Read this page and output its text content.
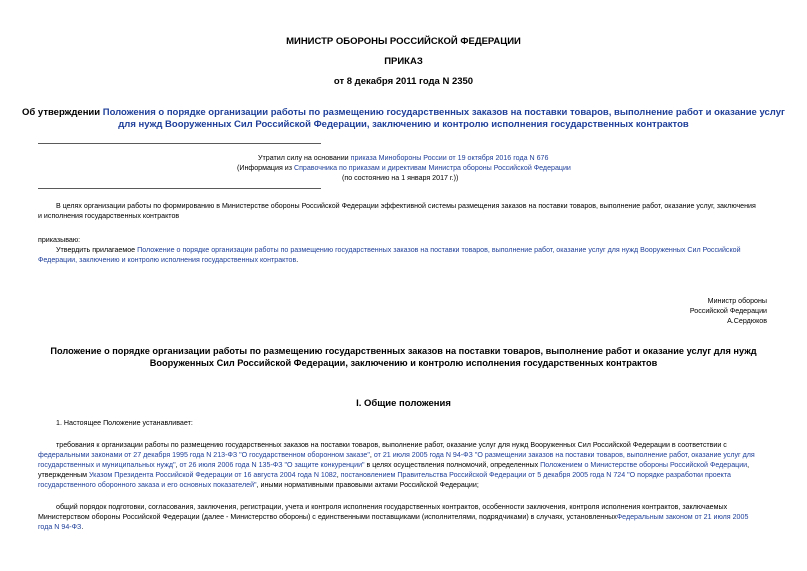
МИНИСТР ОБОРОНЫ РОССИЙСКОЙ ФЕДЕРАЦИИ
ПРИКАЗ
от 8 декабря 2011 года N 2350
Об утверждении Положения о порядке организации работы по размещению государственных заказов на поставки товаров, выполнение работ и оказание услуг
для нужд Вооруженных Сил Российской Федерации, заключению и контролю исполнения государственных контрактов
Утратил силу на основании приказа Минобороны России от 19 октября 2016 года N 676
(Информация из Справочника по приказам и директивам Министра обороны Российской Федерации
(по состоянию на 1 января 2017 г.))
В целях организации работы по формированию в Министерстве обороны Российской Федерации эффективной системы размещения заказов на поставки товаров, выполнение работ, оказание услуг, заключения
и исполнения государственных контрактов
приказываю:
Утвердить прилагаемое Положение о порядке организации работы по размещению государственных заказов на поставки товаров, выполнение работ, оказание услуг для нужд Вооруженных Сил Российской
Федерации, заключению и контролю исполнения государственных контрактов.
Министр обороны
Российской Федерации
А.Сердюков
Положение о порядке организации работы по размещению государственных заказов на поставки товаров, выполнение работ и оказание услуг для нужд
Вооруженных Сил Российской Федерации, заключению и контролю исполнения государственных контрактов
I. Общие положения
1. Настоящее Положение устанавливает:
требования к организации работы по размещению государственных заказов на поставки товаров, выполнение работ, оказание услуг для нужд Вооруженных Сил Российской Федерации в соответствии с
федеральными законами от 27 декабря 1995 года N 213-ФЗ "О государственном оборонном заказе", от 21 июля 2005 года N 94-ФЗ "О размещении заказов на поставки товаров, выполнение работ, оказание услуг для
государственных и муниципальных нужд", от 26 июля 2006 года N 135-ФЗ "О защите конкуренции" в целях осуществления полномочий, определенных Положением о Министерстве обороны Российской Федерации,
утвержденным Указом Президента Российской Федерации от 16 августа 2004 года N 1082, постановлением Правительства Российской Федерации от 5 декабря 2005 года N 724 "О порядке разработки проекта
государственного оборонного заказа и его основных показателей", иными нормативными правовыми актами Российской Федерации;
общий порядок подготовки, согласования, заключения, регистрации, учета и контроля исполнения государственных контрактов, особенности заключения, контроля исполнения контрактов, заключаемых
Министерством обороны Российской Федерации (далее - Министерство обороны) с единственными поставщиками (исполнителями, подрядчиками) в случаях, установленныхФедеральным законом от 21 июля 2005
года N 94-ФЗ.
